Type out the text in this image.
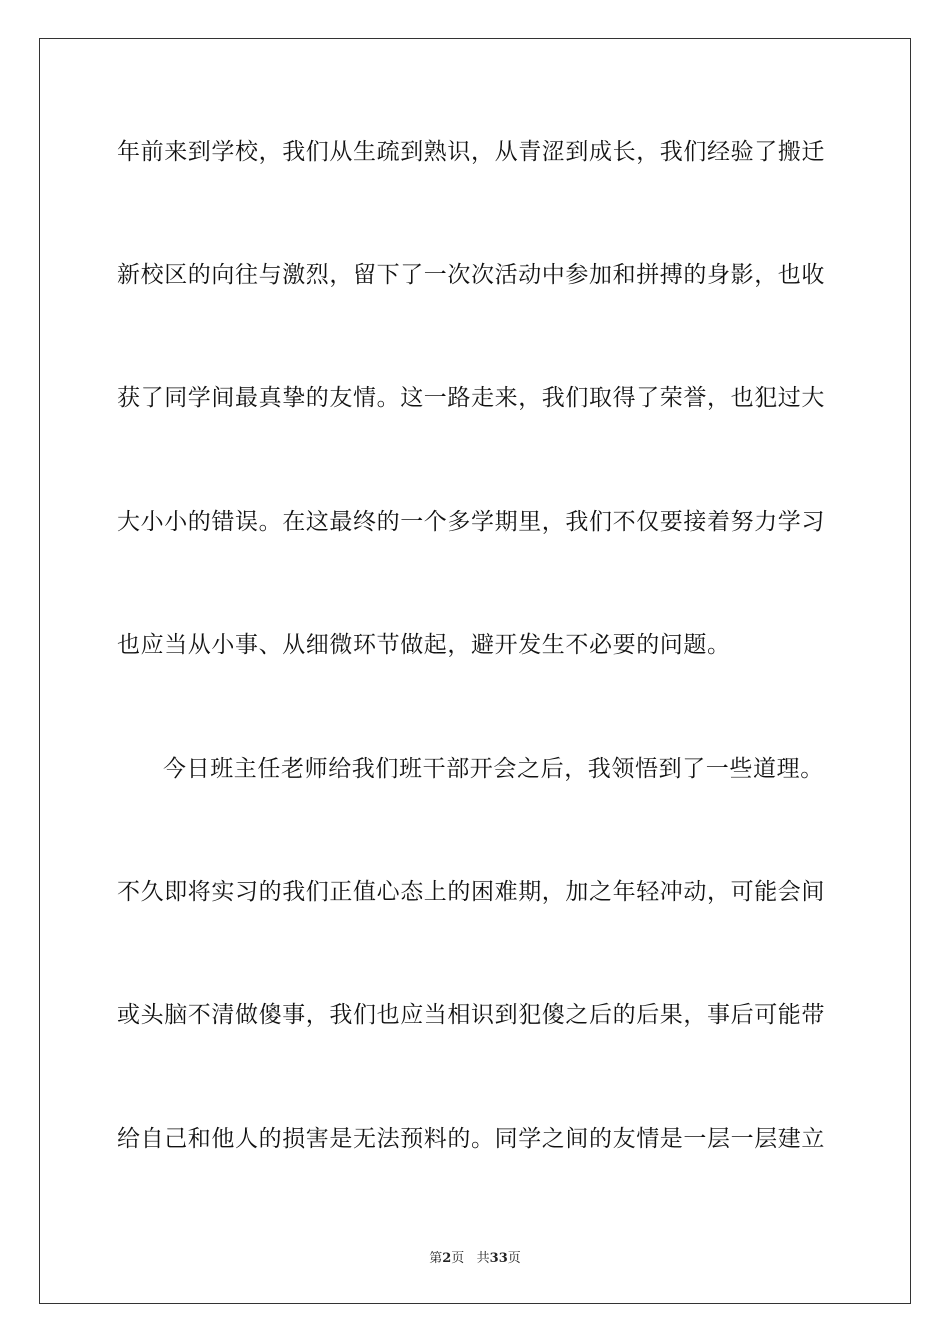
年前来到学校，我们从生疏到熟识，从青涩到成长，我们经验了搬迁
新校区的向往与激烈，留下了一次次活动中参加和拼搏的身影，也收
获了同学间最真挚的友情。这一路走来，我们取得了荣誉，也犯过大
大小小的错误。在这最终的一个多学期里，我们不仅要接着努力学习
也应当从小事、从细微环节做起，避开发生不必要的问题。
今日班主任老师给我们班干部开会之后，我领悟到了一些道理。
不久即将实习的我们正值心态上的困难期，加之年轻冲动，可能会间
或头脑不清做傻事，我们也应当相识到犯傻之后的后果，事后可能带
给自己和他人的损害是无法预料的。同学之间的友情是一层一层建立
第2页   共33页
